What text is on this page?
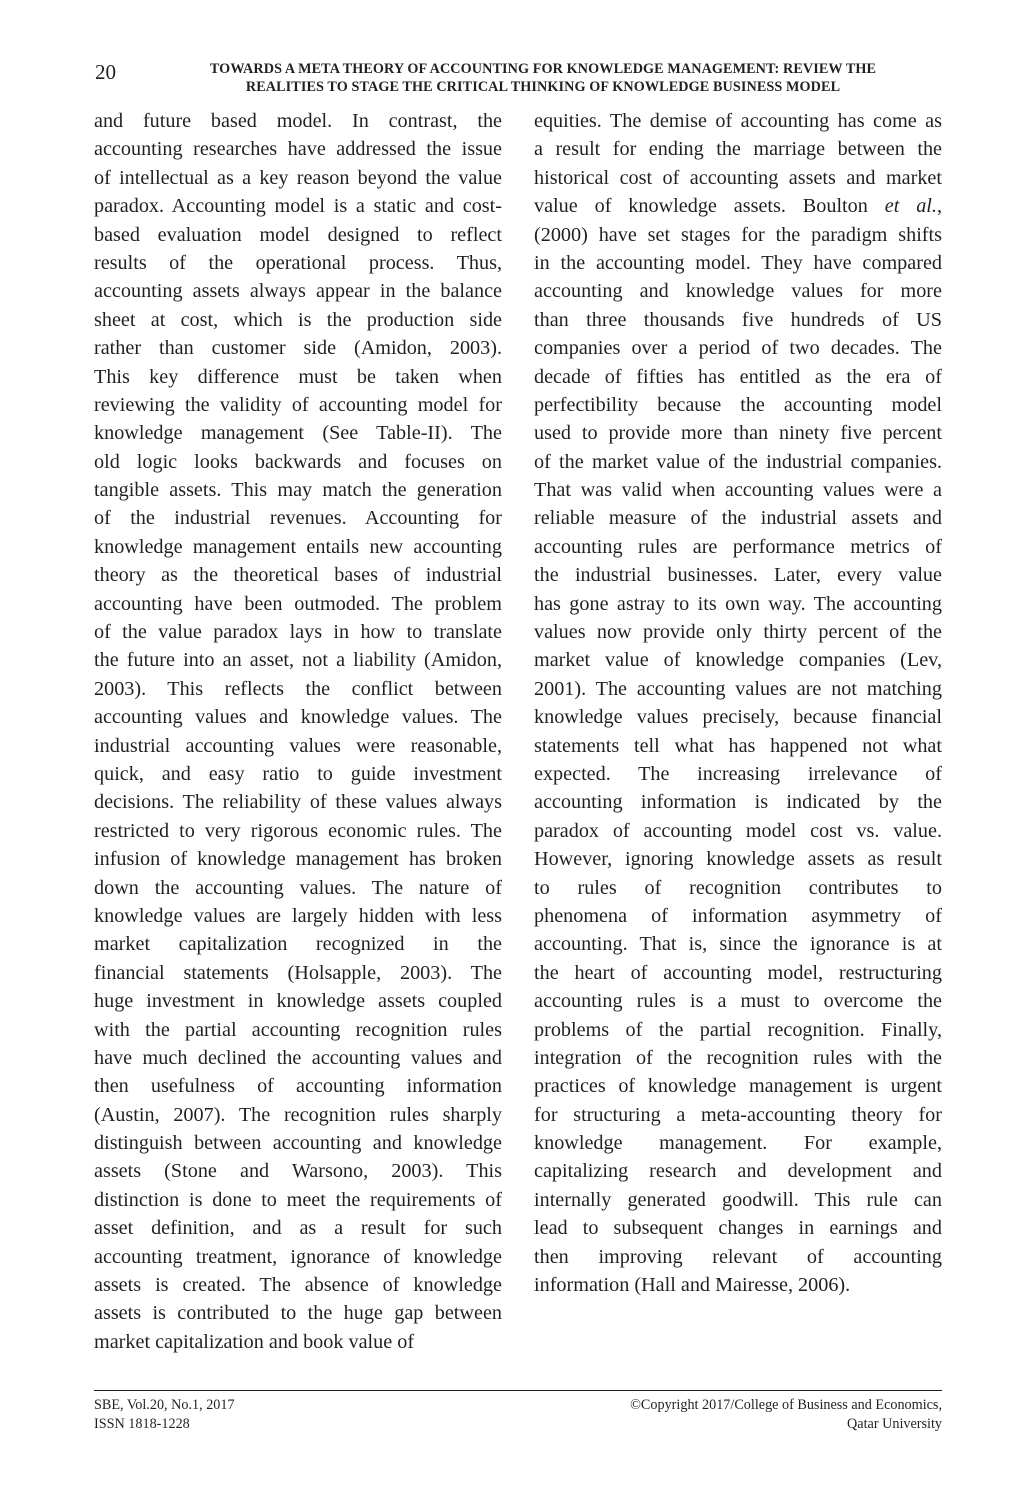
20	TOWARDS A META THEORY OF ACCOUNTING FOR KNOWLEDGE MANAGEMENT: REVIEW THE
REALITIES TO STAGE THE CRITICAL THINKING OF KNOWLEDGE BUSINESS MODEL
and future based model. In contrast, the
accounting researches have addressed the issue
of intellectual as a key reason beyond the value
paradox. Accounting model is a static and cost-
based evaluation model designed to reflect
results of the operational process. Thus,
accounting assets always appear in the balance
sheet at cost, which is the production side
rather than customer side (Amidon, 2003).
This key difference must be taken when
reviewing the validity of accounting model for
knowledge management (See Table-II). The
old logic looks backwards and focuses on
tangible assets. This may match the generation
of the industrial revenues. Accounting for
knowledge management entails new accounting
theory as the theoretical bases of industrial
accounting have been outmoded. The problem
of the value paradox lays in how to translate
the future into an asset, not a liability (Amidon,
2003). This reflects the conflict between
accounting values and knowledge values. The
industrial accounting values were reasonable,
quick, and easy ratio to guide investment
decisions. The reliability of these values always
restricted to very rigorous economic rules. The
infusion of knowledge management has broken
down the accounting values. The nature of
knowledge values are largely hidden with less
market capitalization recognized in the
financial statements (Holsapple, 2003). The
huge investment in knowledge assets coupled
with the partial accounting recognition rules
have much declined the accounting values and
then usefulness of accounting information
(Austin, 2007). The recognition rules sharply
distinguish between accounting and knowledge
assets (Stone and Warsono, 2003). This
distinction is done to meet the requirements of
asset definition, and as a result for such
accounting treatment, ignorance of knowledge
assets is created. The absence of knowledge
assets is contributed to the huge gap between
market capitalization and book value of
equities. The demise of accounting has come as
a result for ending the marriage between the
historical cost of accounting assets and market
value of knowledge assets. Boulton et al.,
(2000) have set stages for the paradigm shifts
in the accounting model. They have compared
accounting and knowledge values for more
than three thousands five hundreds of US
companies over a period of two decades. The
decade of fifties has entitled as the era of
perfectibility because the accounting model
used to provide more than ninety five percent
of the market value of the industrial companies.
That was valid when accounting values were a
reliable measure of the industrial assets and
accounting rules are performance metrics of
the industrial businesses. Later, every value
has gone astray to its own way. The accounting
values now provide only thirty percent of the
market value of knowledge companies (Lev,
2001). The accounting values are not matching
knowledge values precisely, because financial
statements tell what has happened not what
expected. The increasing irrelevance of
accounting information is indicated by the
paradox of accounting model cost vs. value.
However, ignoring knowledge assets as result
to rules of recognition contributes to
phenomena of information asymmetry of
accounting. That is, since the ignorance is at
the heart of accounting model, restructuring
accounting rules is a must to overcome the
problems of the partial recognition. Finally,
integration of the recognition rules with the
practices of knowledge management is urgent
for structuring a meta-accounting theory for
knowledge management. For example,
capitalizing research and development and
internally generated goodwill. This rule can
lead to subsequent changes in earnings and
then improving relevant of accounting
information (Hall and Mairesse, 2006).
SBE, Vol.20, No.1, 2017
ISSN 1818-1228
©Copyright 2017/College of Business and Economics,
Qatar University
